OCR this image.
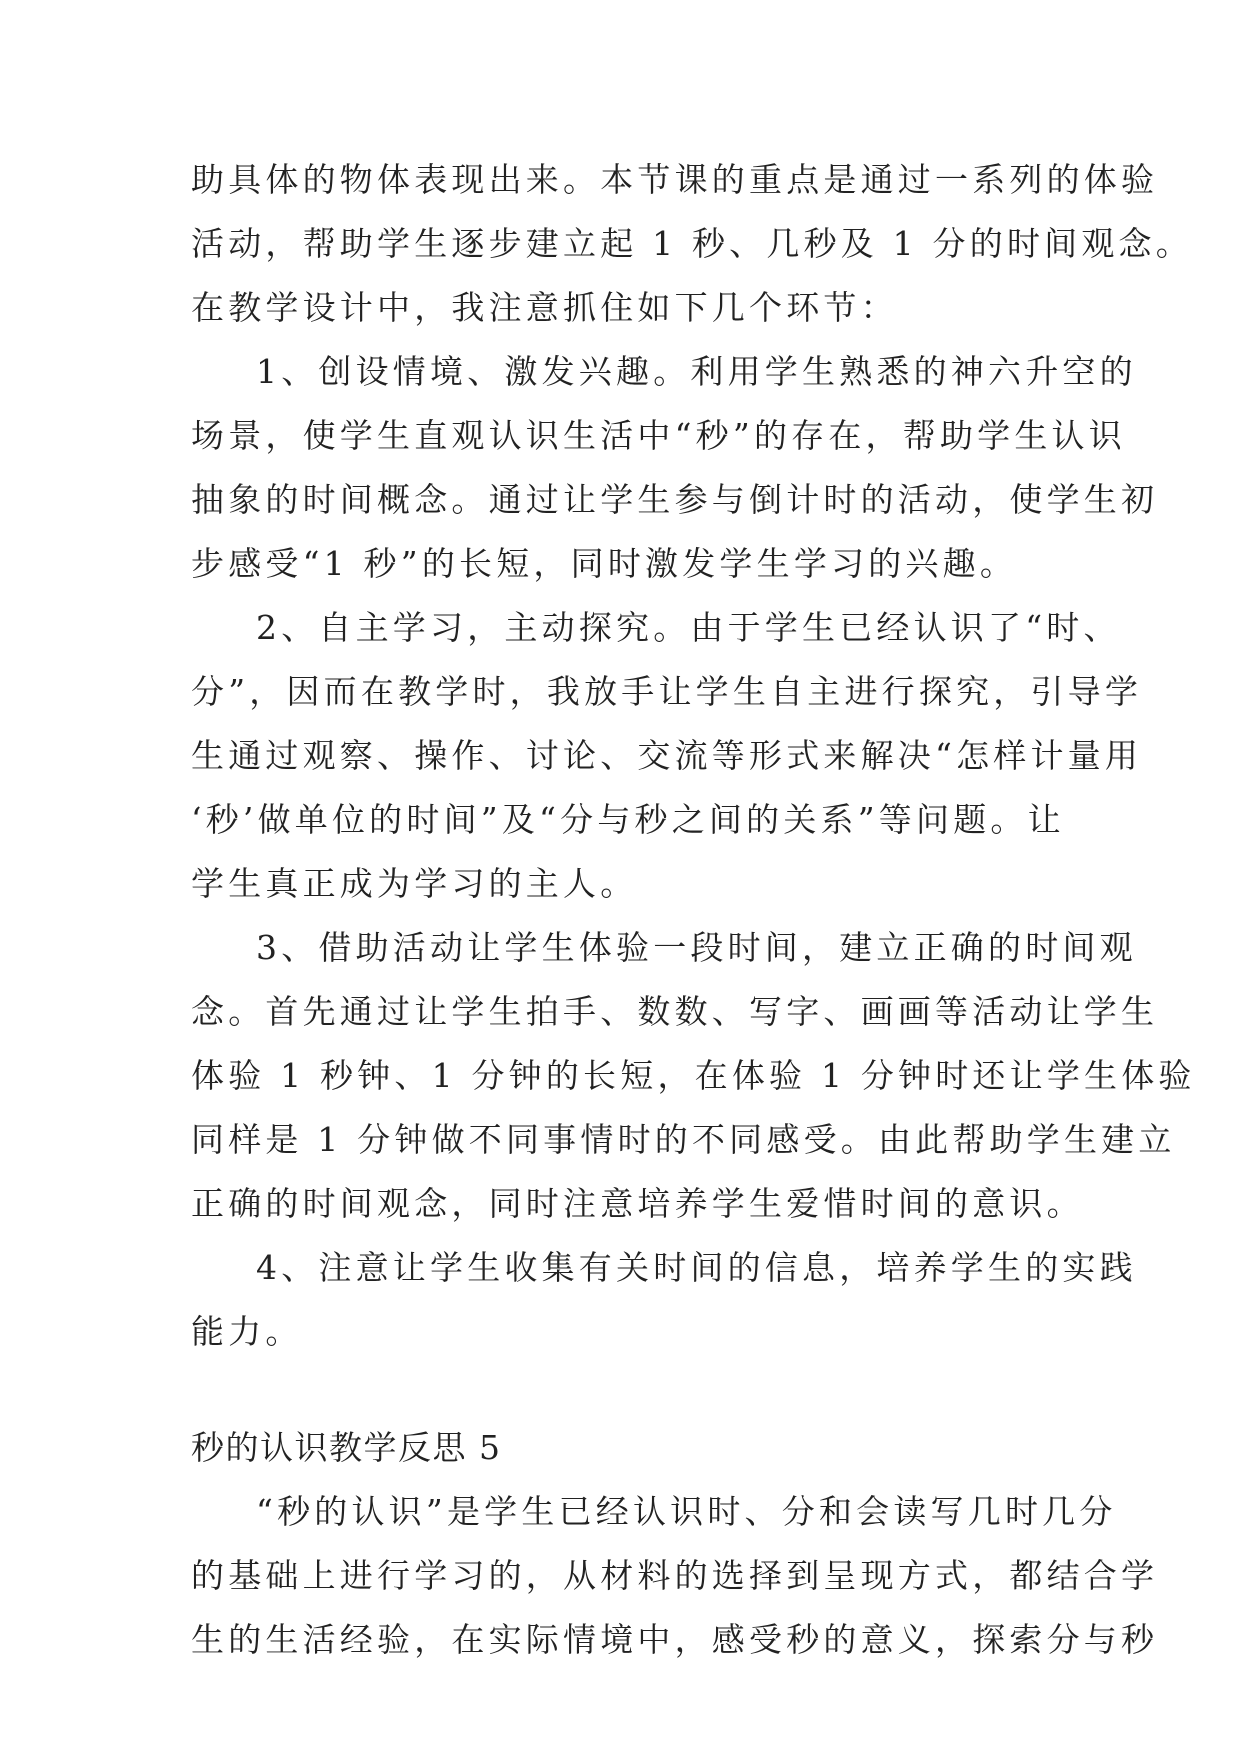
助具体的物体表现出来。本节课的重点是通过一系列的体验
活动，帮助学生逐步建立起 1 秒、几秒及 1 分的时间观念。
在教学设计中，我注意抓住如下几个环节：
1、创设情境、激发兴趣。利用学生熟悉的神六升空的
场景，使学生直观认识生活中“秒”的存在，帮助学生认识
抽象的时间概念。通过让学生参与倒计时的活动，使学生初
步感受“1 秒”的长短，同时激发学生学习的兴趣。
2、自主学习，主动探究。由于学生已经认识了“时、
分”，因而在教学时，我放手让学生自主进行探究，引导学
生通过观察、操作、讨论、交流等形式来解决“怎样计量用
‘秒’做单位的时间”及“分与秒之间的关系”等问题。让
学生真正成为学习的主人。
3、借助活动让学生体验一段时间，建立正确的时间观
念。首先通过让学生拍手、数数、写字、画画等活动让学生
体验 1 秒钟、1 分钟的长短，在体验 1 分钟时还让学生体验
同样是 1 分钟做不同事情时的不同感受。由此帮助学生建立
正确的时间观念，同时注意培养学生爱惜时间的意识。
4、注意让学生收集有关时间的信息，培养学生的实践
能力。
秒的认识教学反思 5
“秒的认识”是学生已经认识时、分和会读写几时几分
的基础上进行学习的，从材料的选择到呈现方式，都结合学
生的生活经验，在实际情境中，感受秒的意义，探索分与秒
